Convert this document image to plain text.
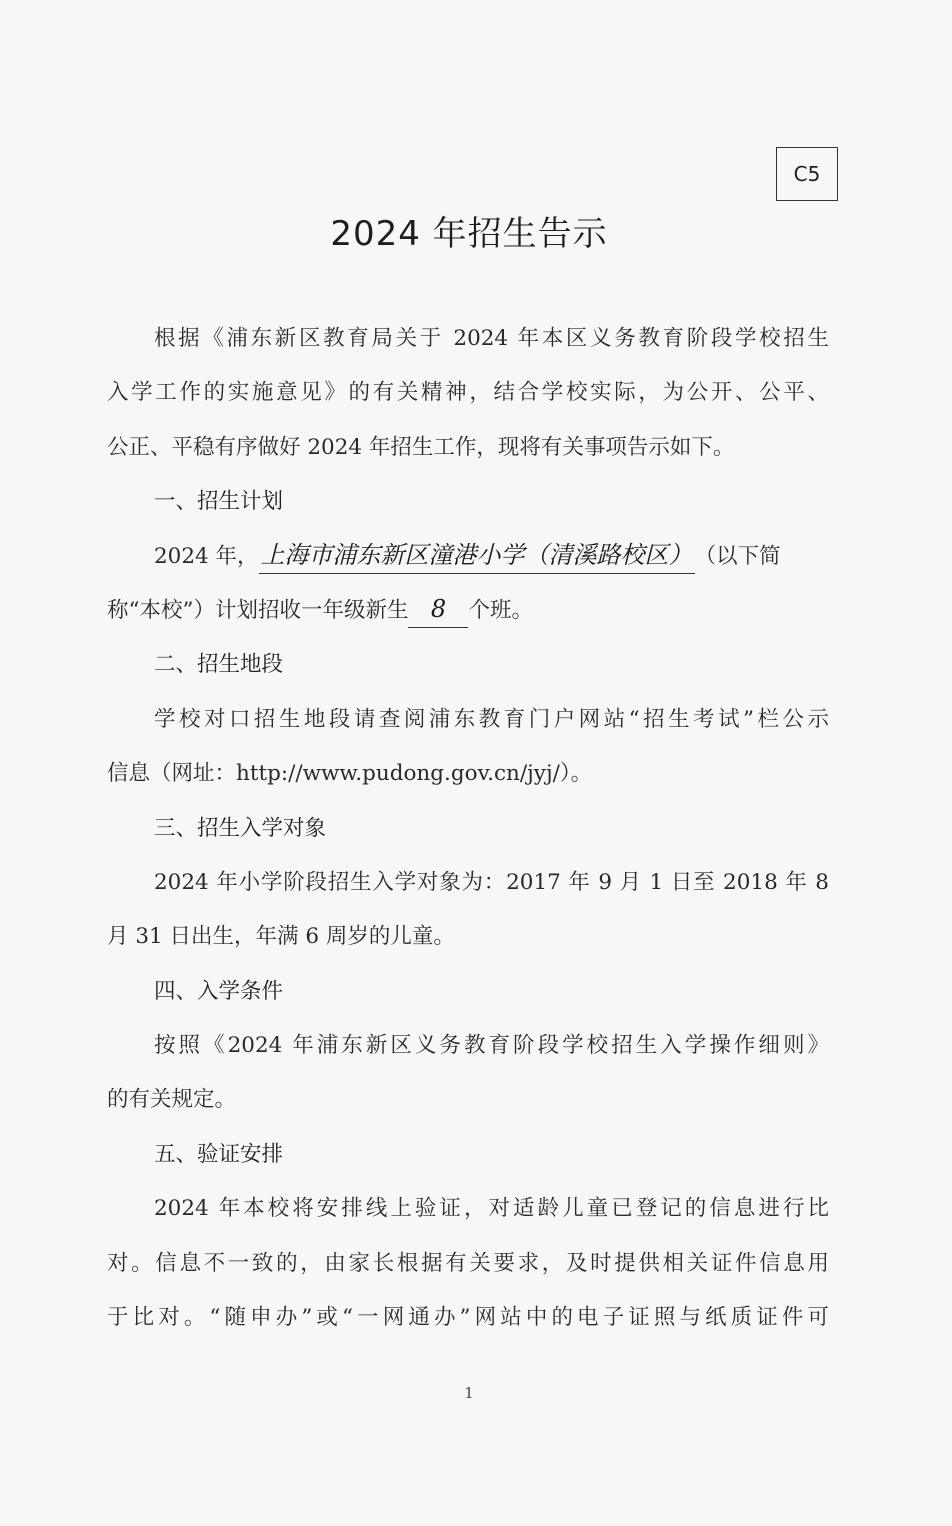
C5
2024 年招生告示
根据《浦东新区教育局关于 2024 年本区义务教育阶段学校招生
入学工作的实施意见》的有关精神，结合学校实际，为公开、公平、
公正、平稳有序做好 2024 年招生工作，现将有关事项告示如下。
一、招生计划
2024 年，上海市浦东新区潼港小学（清溪路校区）（以下简
称“本校”）计划招收一年级新生 8 个班。
二、招生地段
学校对口招生地段请查阅浦东教育门户网站“招生考试”栏公示
信息（网址：http://www.pudong.gov.cn/jyj/）。
三、招生入学对象
2024 年小学阶段招生入学对象为：2017 年 9 月 1 日至 2018 年 8
月 31 日出生，年满 6 周岁的儿童。
四、入学条件
按照《2024 年浦东新区义务教育阶段学校招生入学操作细则》
的有关规定。
五、验证安排
2024 年本校将安排线上验证，对适龄儿童已登记的信息进行比
对。信息不一致的，由家长根据有关要求，及时提供相关证件信息用
于比对。“随申办”或“一网通办”网站中的电子证照与纸质证件可
1
